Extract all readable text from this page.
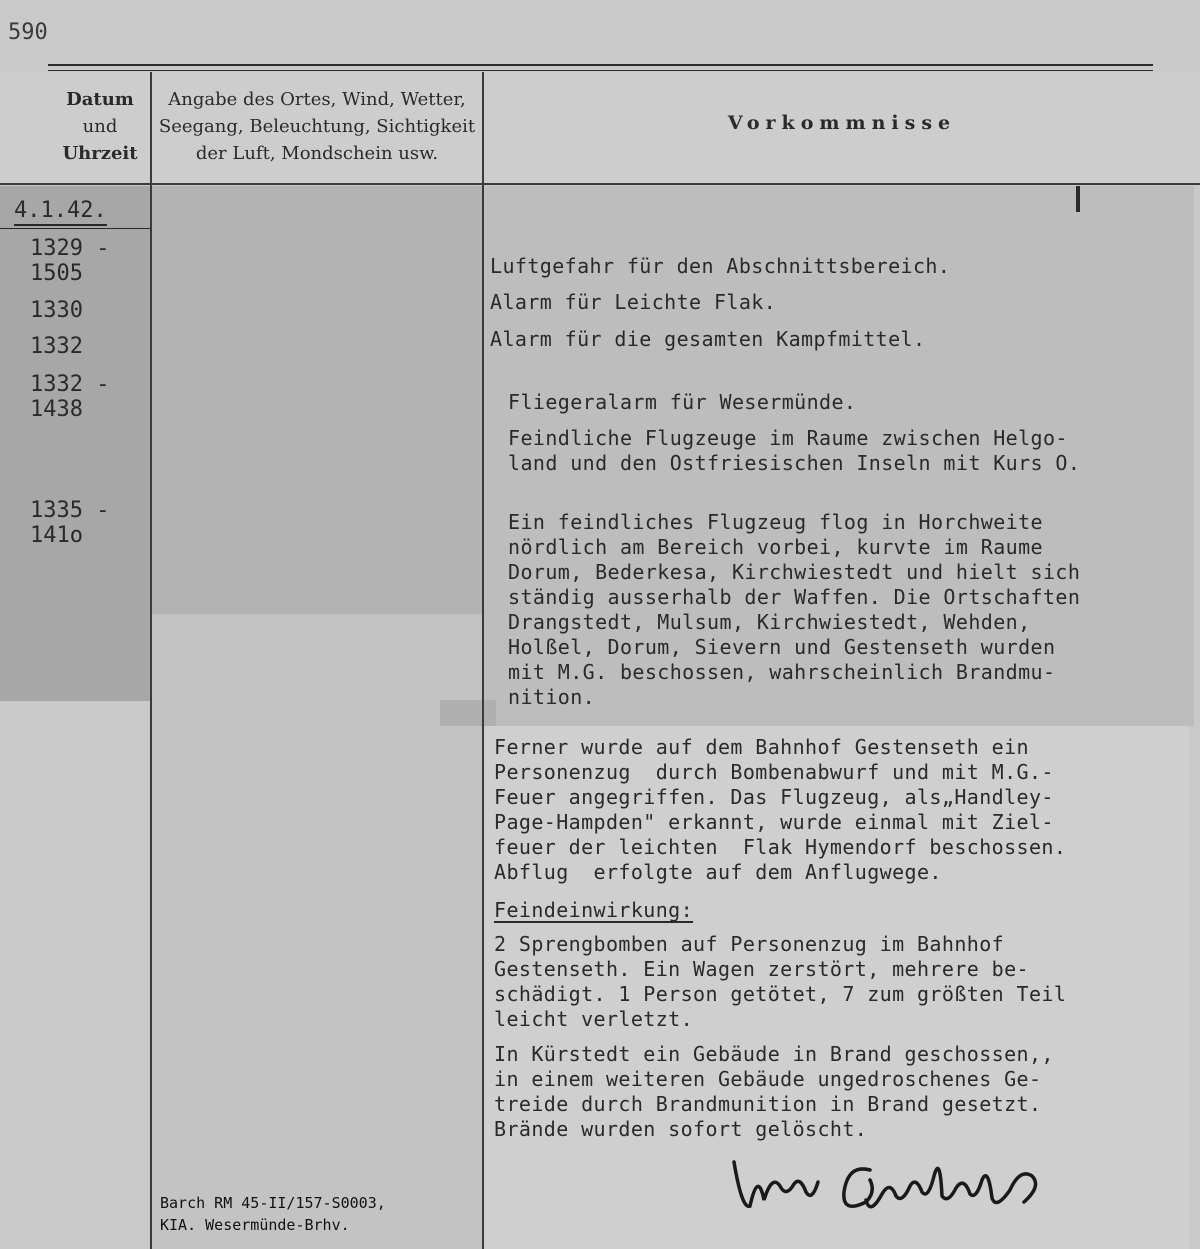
590
Datum
und
Uhrzeit
Angabe des Ortes, Wind, Wetter,
Seegang, Beleuchtung, Sichtigkeit
der Luft, Mondschein usw.
Vorkommnisse
4.1.42.
1329 -
1505
1330
1332
1332 -
1438
1335 -
141o

Luftgefahr für den Abschnittsbereich.

Alarm für Leichte Flak.

Alarm für die gesamten Kampfmittel.

Fliegeralarm für Wesermünde.

Feindliche Flugzeuge im Raume zwischen Helgo-

land und den Ostfriesischen Inseln mit Kurs O.

Ein feindliches Flugzeug flog in Horchweite

nördlich am Bereich vorbei, kurvte im Raume

Dorum, Bederkesa, Kirchwiestedt und hielt sich

ständig ausserhalb der Waffen. Die Ortschaften

Drangstedt, Mulsum, Kirchwiestedt, Wehden,

Holßel, Dorum, Sievern und Gestenseth wurden

mit M.G. beschossen, wahrscheinlich Brandmu-

nition.

Ferner wurde auf dem Bahnhof Gestenseth ein

Personenzug  durch Bombenabwurf und mit M.G.-

Feuer angegriffen. Das Flugzeug, als„Handley-

Page-Hampden" erkannt, wurde einmal mit Ziel-

feuer der leichten  Flak Hymendorf beschossen.

Abflug  erfolgte auf dem Anflugwege.

Feindeinwirkung:

2 Sprengbomben auf Personenzug im Bahnhof

Gestenseth. Ein Wagen zerstört, mehrere be-

schädigt. 1 Person getötet, 7 zum größten Teil

leicht verletzt.

In Kürstedt ein Gebäude in Brand geschossen,,

in einem weiteren Gebäude ungedroschenes Ge-

treide durch Brandmunition in Brand gesetzt.

Brände wurden sofort gelöscht.

Barch RM 45-II/157-S0003,
KIA. Wesermünde-Brhv.
